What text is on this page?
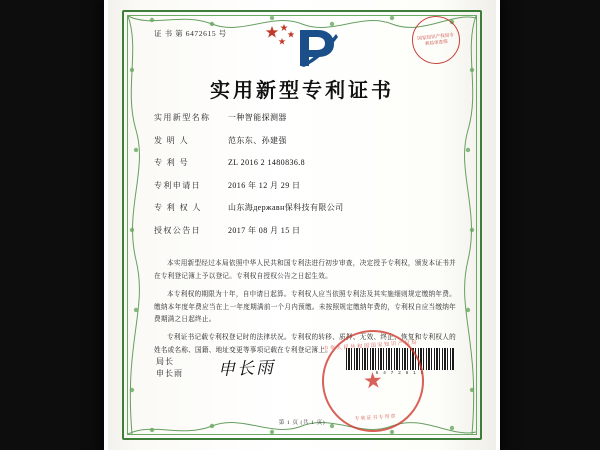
证 书 第 6472615 号	国家知识产权局专利局审查部
实用新型专利证书
实用新型名称	一种智能探测器
发 明 人	范东东、孙建强
专 利 号	ZL 2016 2 1480836.8
专利申请日	2016 年 12 月 29 日
专 利 权 人	山东海державн保科技有限公司
授权公告日	2017 年 08 月 15 日

本实用新型经过本局依照中华人民共和国专利法进行初步审查，决定授予专利权，颁发本证书并在专利登记簿上予以登记。专利权自授权公告之日起生效。

本专利权的期限为十年，自申请日起算。专利权人应当依照专利法及其实施细则规定缴纳年费。缴纳本年度年费应当在上一年度期满前一个月内预缴。未按照规定缴纳年费的，专利权自应当缴纳年费期满之日起终止。

专利证书记载专利权登记时的法律状况。专利权的转移、质押、无效、终止、恢复和专利权人的姓名或名称、国籍、地址变更等事项记载在专利登记簿上。

6 4 7 2 6 1 5
局长
申长雨 申长雨
中华人民共和国国家知识产权局
★
专利证书专用章
第 1 页 (共 1 页)
